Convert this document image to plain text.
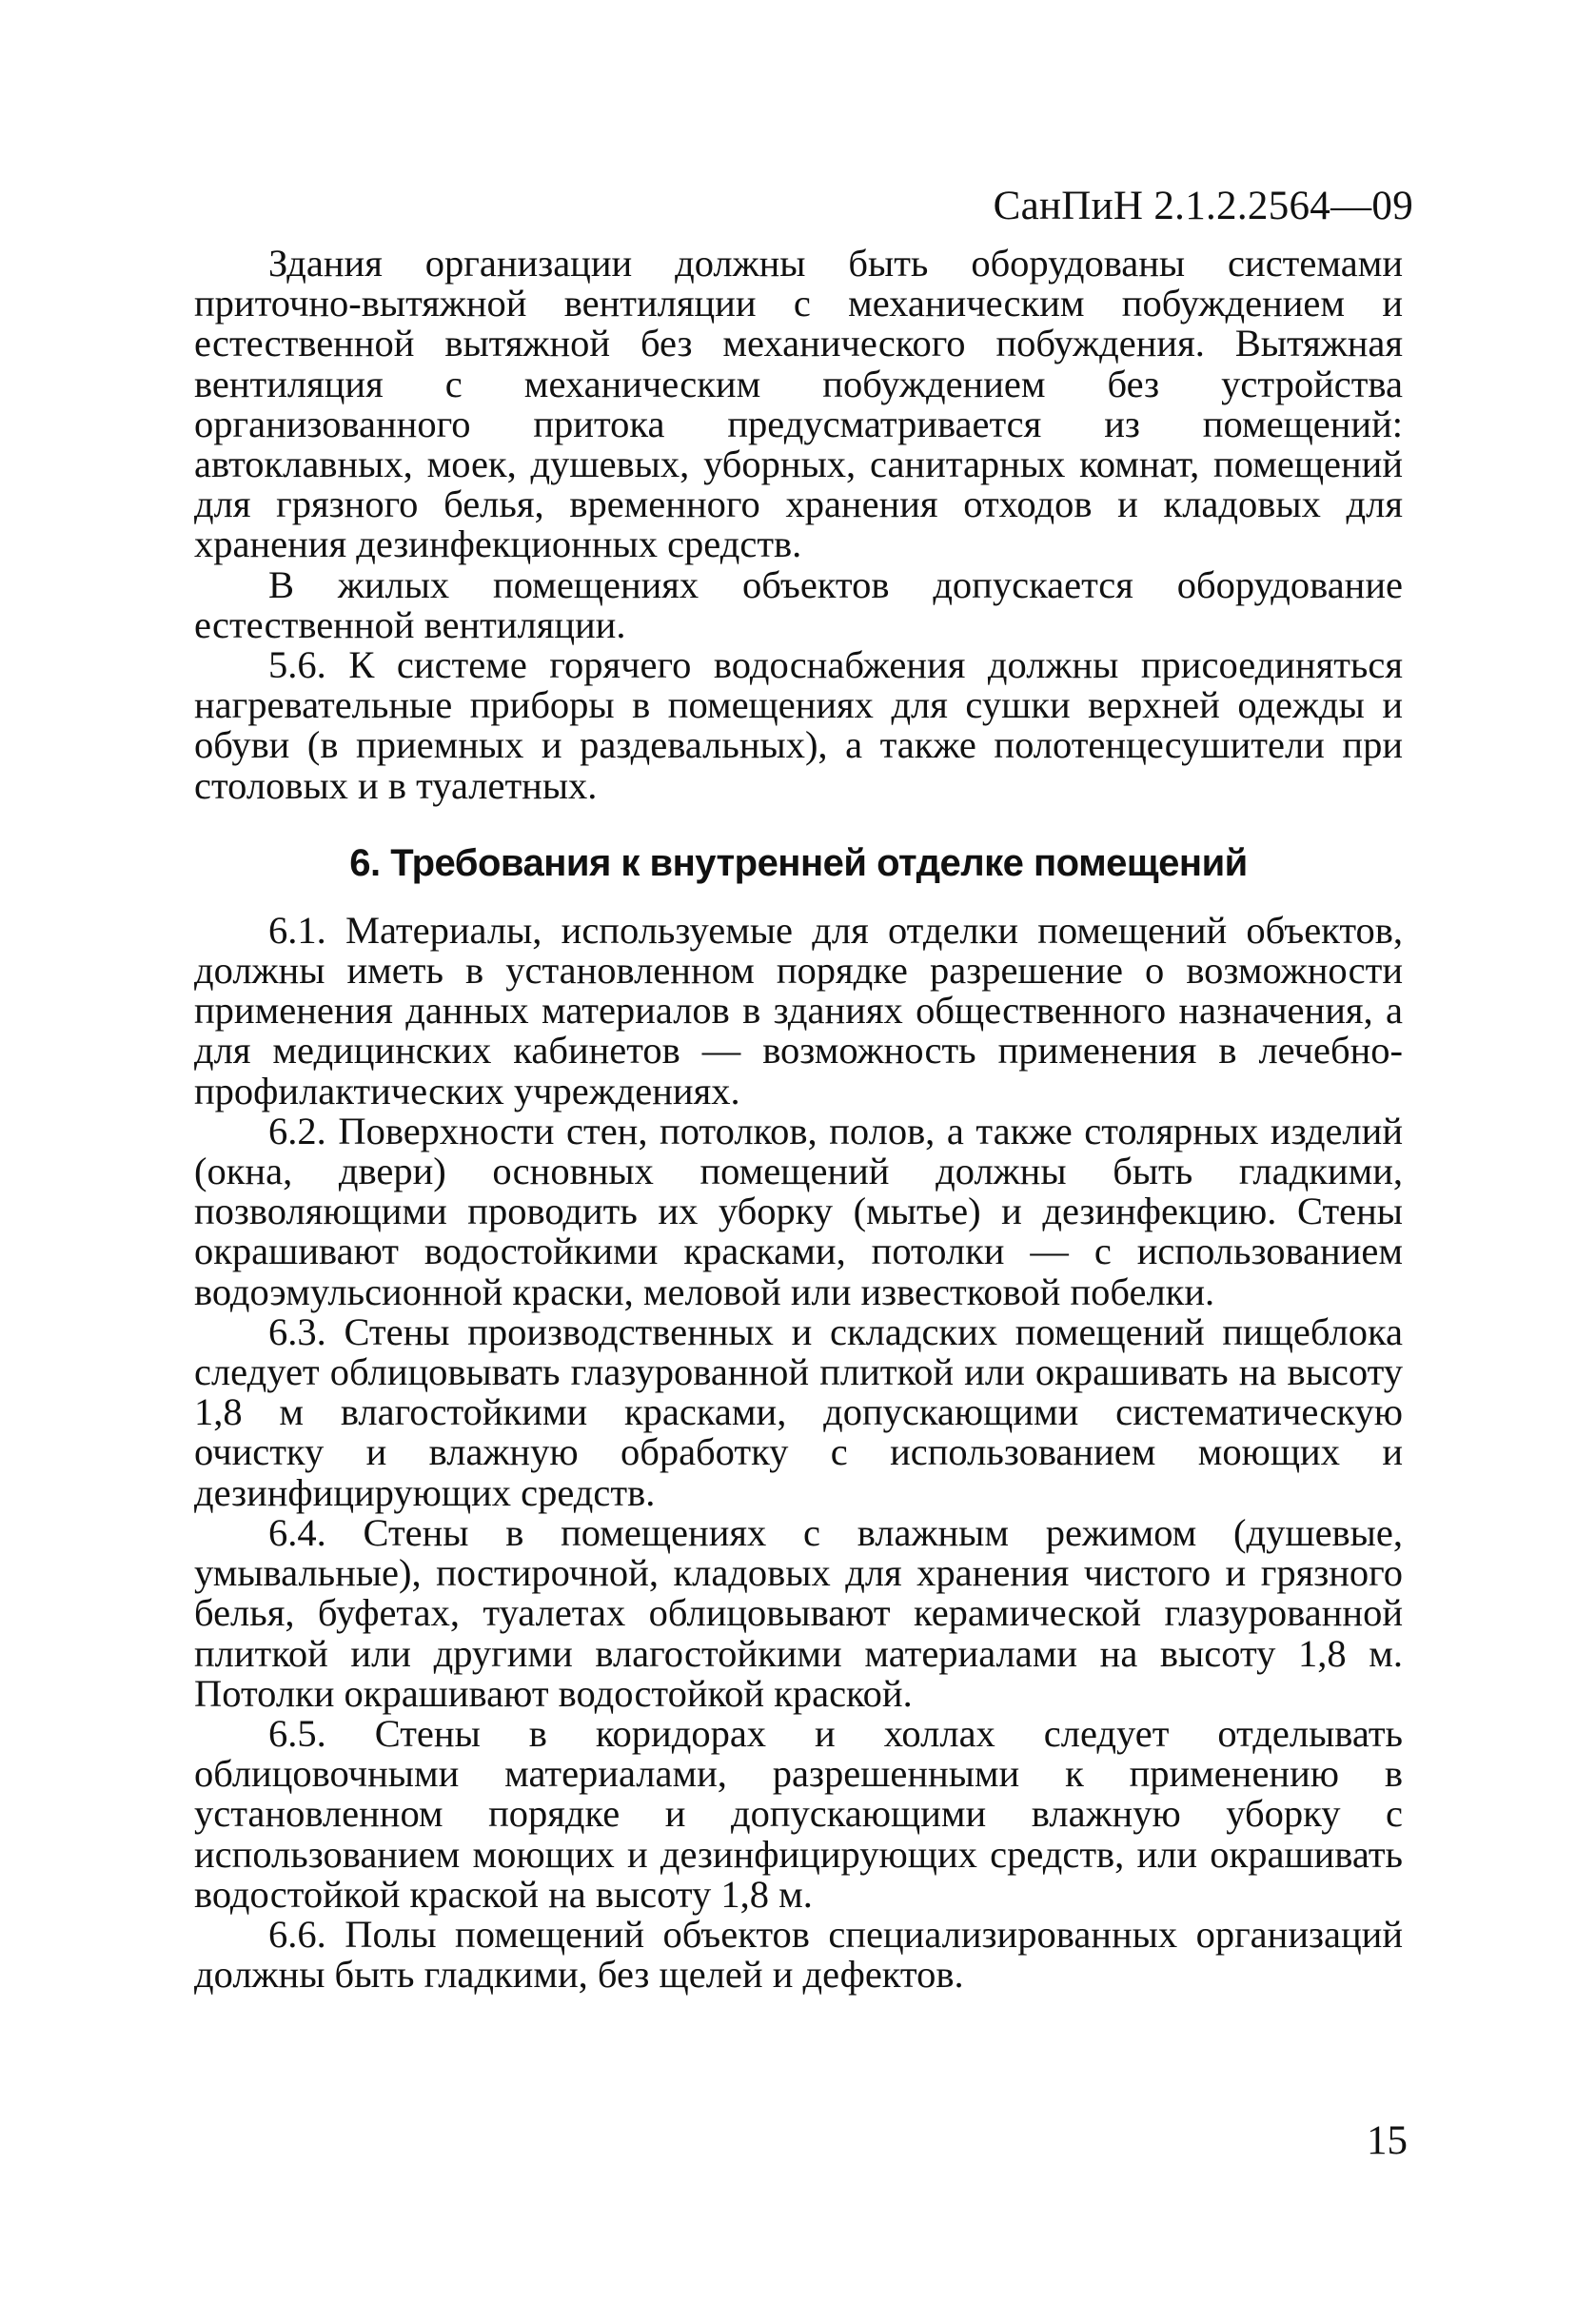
СанПиН 2.1.2.2564—09

Здания организации должны быть оборудованы системами приточно-вытяжной вентиляции с механическим побуждением и естественной вытяжной без механического побуждения. Вытяжная вентиляция с механическим побуждением без устройства организованного притока предусматривается из помещений: автоклавных, моек, душевых, уборных, санитарных комнат, помещений для грязного белья, временного хранения отходов и кладовых для хранения дезинфекционных средств.

В жилых помещениях объектов допускается оборудование естественной вентиляции.

5.6. К системе горячего водоснабжения должны присоединяться нагревательные приборы в помещениях для сушки верхней одежды и обуви (в приемных и раздевальных), а также полотенцесушители при столовых и в туалетных.

6. Требования к внутренней отделке помещений

6.1. Материалы, используемые для отделки помещений объектов, должны иметь в установленном порядке разрешение о возможности применения данных материалов в зданиях общественного назначения, а для медицинских кабинетов — возможность применения в лечебно-профилактических учреждениях.

6.2. Поверхности стен, потолков, полов, а также столярных изделий (окна, двери) основных помещений должны быть гладкими, позволяющими проводить их уборку (мытье) и дезинфекцию. Стены окрашивают водостойкими красками, потолки — с использованием водоэмульсионной краски, меловой или известковой побелки.

6.3. Стены производственных и складских помещений пищеблока следует облицовывать глазурованной плиткой или окрашивать на высоту 1,8 м влагостойкими красками, допускающими систематическую очистку и влажную обработку с использованием моющих и дезинфицирующих средств.

6.4. Стены в помещениях с влажным режимом (душевые, умывальные), постирочной, кладовых для хранения чистого и грязного белья, буфетах, туалетах облицовывают керамической глазурованной плиткой или другими влагостойкими материалами на высоту 1,8 м. Потолки окрашивают водостойкой краской.

6.5. Стены в коридорах и холлах следует отделывать облицовочными материалами, разрешенными к применению в установленном порядке и допускающими влажную уборку с использованием моющих и дезинфицирующих средств, или окрашивать водостойкой краской на высоту 1,8 м.

6.6. Полы помещений объектов специализированных организаций должны быть гладкими, без щелей и дефектов.

15
